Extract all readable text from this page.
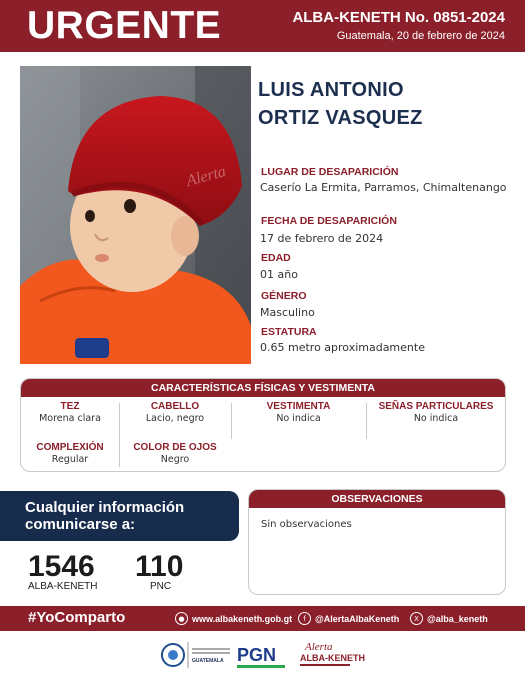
URGENTE	ALBA-KENETH No. 0851-2024
Guatemala, 20 de febrero de 2024
Alerta
LUIS ANTONIO
ORTIZ VASQUEZ
LUGAR DE DESAPARICIÓN
Caserío La Ermita, Parramos, Chimaltenango
FECHA DE DESAPARICIÓN
17 de febrero de 2024
EDAD
01 año
GÉNERO
Masculino
ESTATURA
0.65 metro aproximadamente
CARACTERÍSTICAS FÍSICAS Y VESTIMENTA
TEZ
Morena clara
CABELLO
Lacio, negro
VESTIMENTA
No indica
SEÑAS PARTICULARES
No indica
COMPLEXIÓN
Regular
COLOR DE OJOS
Negro
Cualquier información
comunicarse a:
1546
ALBA-KENETH
110
PNC
OBSERVACIONES
Sin observaciones
#YoComparto	● www.albakeneth.gob.gt	f	@AlertaAlbaKeneth	X @alba_keneth
GUATEMALA PGN	Alerta
ALBA-KENETH
